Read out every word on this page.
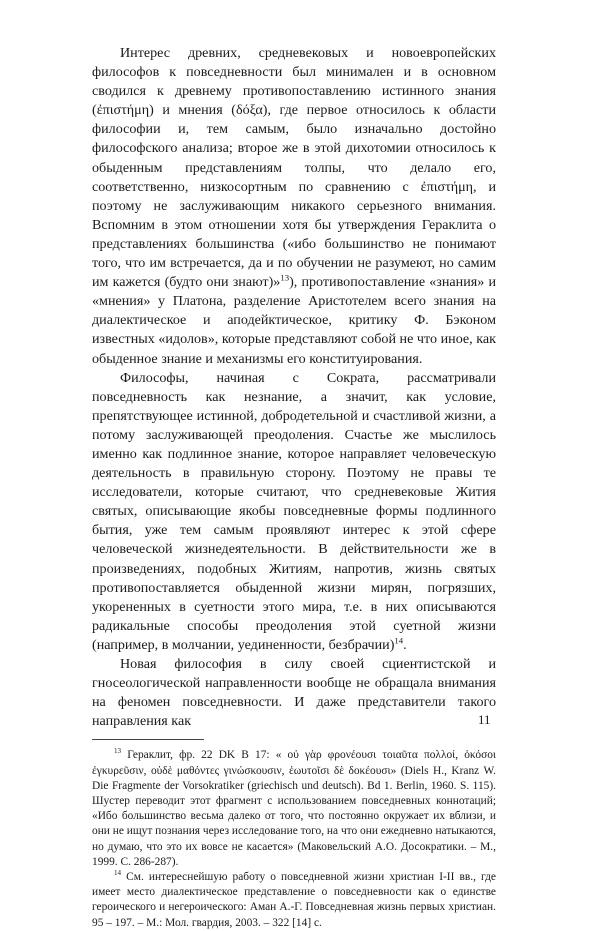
Интерес древних, средневековых и новоевропейских философов к повседневности был минимален и в основном сводился к древнему противопоставлению истинного знания (ἐπιστήμη) и мнения (δόξα), где первое относилось к области философии и, тем самым, было изначально достойно философского анализа; второе же в этой дихотомии относилось к обыденным представлениям толпы, что делало его, соответственно, низкосортным по сравнению с ἐπιστήμη, и поэтому не заслуживающим никакого серьезного внимания. Вспомним в этом отношении хотя бы утверждения Гераклита о представлениях большинства («ибо большинство не понимают того, что им встречается, да и по обучении не разумеют, но самим им кажется (будто они знают)»$^{13}$), противопоставление «знания» и «мнения» у Платона, разделение Аристотелем всего знания на диалектическое и аподейктическое, критику Ф. Бэконом известных «идолов», которые представляют собой не что иное, как обыденное знание и механизмы его конституирования.

Философы, начиная с Сократа, рассматривали повседневность как незнание, а значит, как условие, препятствующее истинной, добродетельной и счастливой жизни, а потому заслуживающей преодоления. Счастье же мыслилось именно как подлинное знание, которое направляет человеческую деятельность в правильную сторону. Поэтому не правы те исследователи, которые считают, что средневековые Жития святых, описывающие якобы повседневные формы подлинного бытия, уже тем самым проявляют интерес к этой сфере человеческой жизнедеятельности. В действительности же в произведениях, подобных Житиям, напротив, жизнь святых противопоставляется обыденной жизни мирян, погрязших, укорененных в суетности этого мира, т.е. в них описываются радикальные способы преодоления этой суетной жизни (например, в молчании, уединенности, безбрачии)$^{14}$.

Новая философия в силу своей сциентистской и гносеологической направленности вообще не обращала внимания на феномен повседневности. И даже представители такого направления как

$^{13}$ Гераклит, фр. 22 DK B 17: « οὐ γὰρ φρονέουσι τοιαῦτα πολλοί, ὁκόσοι ἐγκυρεῦσιν, οὐδὲ μαθόντες γινώσκουσιν, ἑωυτοῖσι δὲ δοκέουσι» (Diels H., Kranz W. Die Fragmente der Vorsokratiker (griechisch und deutsch). Bd 1. Berlin, 1960. S. 115). Шустер переводит этот фрагмент с использованием повседневных коннотаций; «Ибо большинство весьма далеко от того, что постоянно окружает их вблизи, и они не ищут познания через исследование того, на что они ежедневно натыкаются, но думаю, что это их вовсе не касается» (Маковельский А.О. Досократики. – М., 1999. С. 286-287).

$^{14}$ См. интереснейшую работу о повседневной жизни христиан I-II вв., где имеет место диалектическое представление о повседневности как о единстве героического и негероического: Аман А.-Г. Повседневная жизнь первых христиан. 95 – 197. – М.: Мол. гвардия, 2003. – 322 [14] с.

11
